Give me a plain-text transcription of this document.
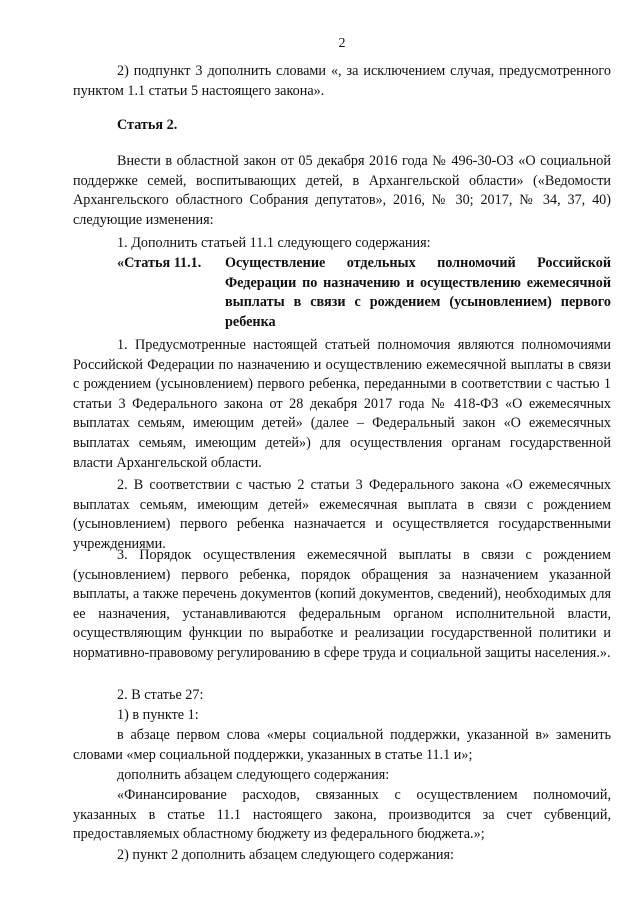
2

2) подпункт 3 дополнить словами «, за исключением случая, предусмотренного пунктом 1.1 статьи 5 настоящего закона».

Статья 2.

Внести в областной закон от 05 декабря 2016 года № 496-30-ОЗ «О социальной поддержке семей, воспитывающих детей, в Архангельской области» («Ведомости Архангельского областного Собрания депутатов», 2016, № 30; 2017, № 34, 37, 40) следующие изменения:

1. Дополнить статьей 11.1 следующего содержания:

«Статья 11.1.	Осуществление отдельных полномочий Российской Федерации по назначению и осуществлению ежемесячной выплаты в связи с рождением (усыновлением) первого ребенка

1. Предусмотренные настоящей статьей полномочия являются полномочиями Российской Федерации по назначению и осуществлению ежемесячной выплаты в связи с рождением (усыновлением) первого ребенка, переданными в соответствии с частью 1 статьи 3 Федерального закона от 28 декабря 2017 года № 418-ФЗ «О ежемесячных выплатах семьям, имеющим детей» (далее – Федеральный закон «О ежемесячных выплатах семьям, имеющим детей») для осуществления органам государственной власти Архангельской области.

2. В соответствии с частью 2 статьи 3 Федерального закона «О ежемесячных выплатах семьям, имеющим детей» ежемесячная выплата в связи с рождением (усыновлением) первого ребенка назначается и осуществляется государственными учреждениями.

3. Порядок осуществления ежемесячной выплаты в связи с рождением (усыновлением) первого ребенка, порядок обращения за назначением указанной выплаты, а также перечень документов (копий документов, сведений), необходимых для ее назначения, устанавливаются федеральным органом исполнительной власти, осуществляющим функции по выработке и реализации государственной политики и нормативно-правовому регулированию в сфере труда и социальной защиты населения.».

2. В статье 27:

1) в пункте 1:

в абзаце первом слова «меры социальной поддержки, указанной в» заменить словами «мер социальной поддержки, указанных в статье 11.1 и»;

дополнить абзацем следующего содержания:

«Финансирование расходов, связанных с осуществлением полномочий, указанных в статье 11.1 настоящего закона, производится за счет субвенций, предоставляемых областному бюджету из федерального бюджета.»;

2) пункт 2 дополнить абзацем следующего содержания:
